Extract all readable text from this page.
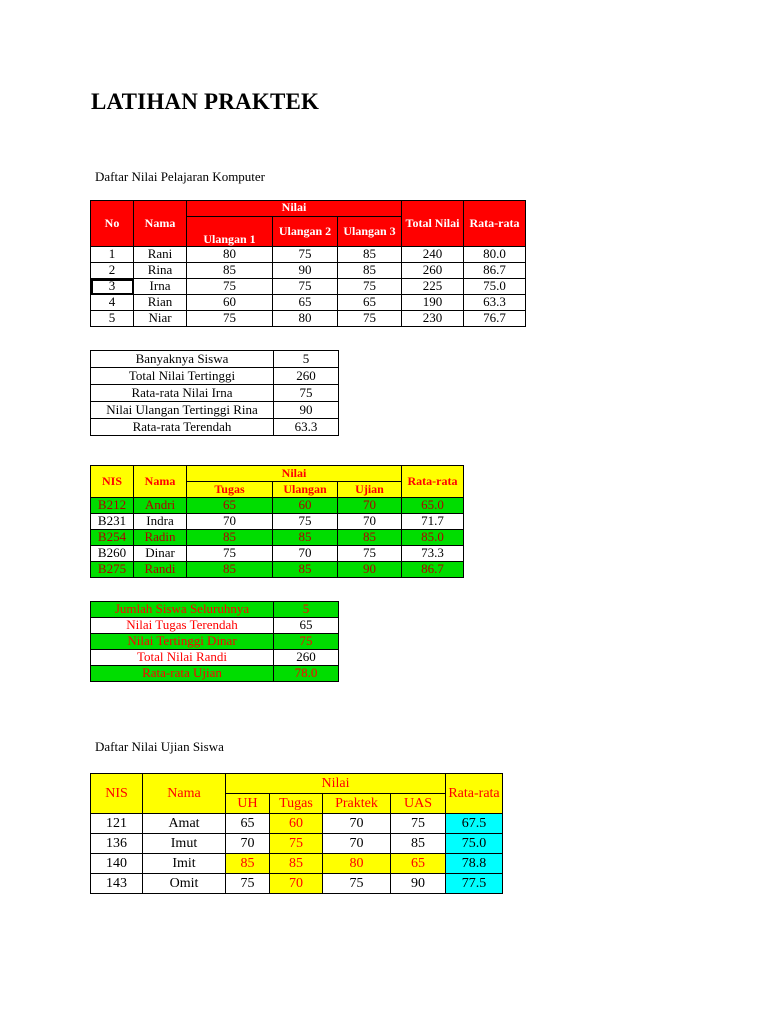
LATIHAN PRAKTEK
Daftar Nilai Pelajaran Komputer
No	Nama	Nilai			Total Nilai	Rata-rata
		Ulangan 1	Ulangan 2	Ulangan 3		
1	Rani	80	75	85	240	80.0
2	Rina	85	90	85	260	86.7
3	Irna	75	75	75	225	75.0
4	Rian	60	65	65	190	63.3
5	Niar	75	80	75	230	76.7
Banyaknya Siswa	5
Total Nilai Tertinggi	260
Rata-rata Nilai Irna	75
Nilai Ulangan Tertinggi Rina	90
Rata-rata Terendah	63.3
NIS	Nama	Nilai			Rata-rata
		Tugas	Ulangan	Ujian	
B212	Andri	65	60	70	65.0
B231	Indra	70	75	70	71.7
B254	Radin	85	85	85	85.0
B260	Dinar	75	70	75	73.3
B275	Randi	85	85	90	86.7
Jumlah Siswa Seluruhnya	5
Nilai Tugas Terendah	65
Nilai Tertinggi Dinar	75
Total Nilai Randi	260
Rata-rata Ujian	78.0
Daftar Nilai Ujian Siswa
NIS	Nama	Nilai				Rata-rata
		UH	Tugas	Praktek	UAS	
121	Amat	65	60	70	75	67.5
136	Imut	70	75	70	85	75.0
140	Imit	85	85	80	65	78.8
143	Omit	75	70	75	90	77.5
